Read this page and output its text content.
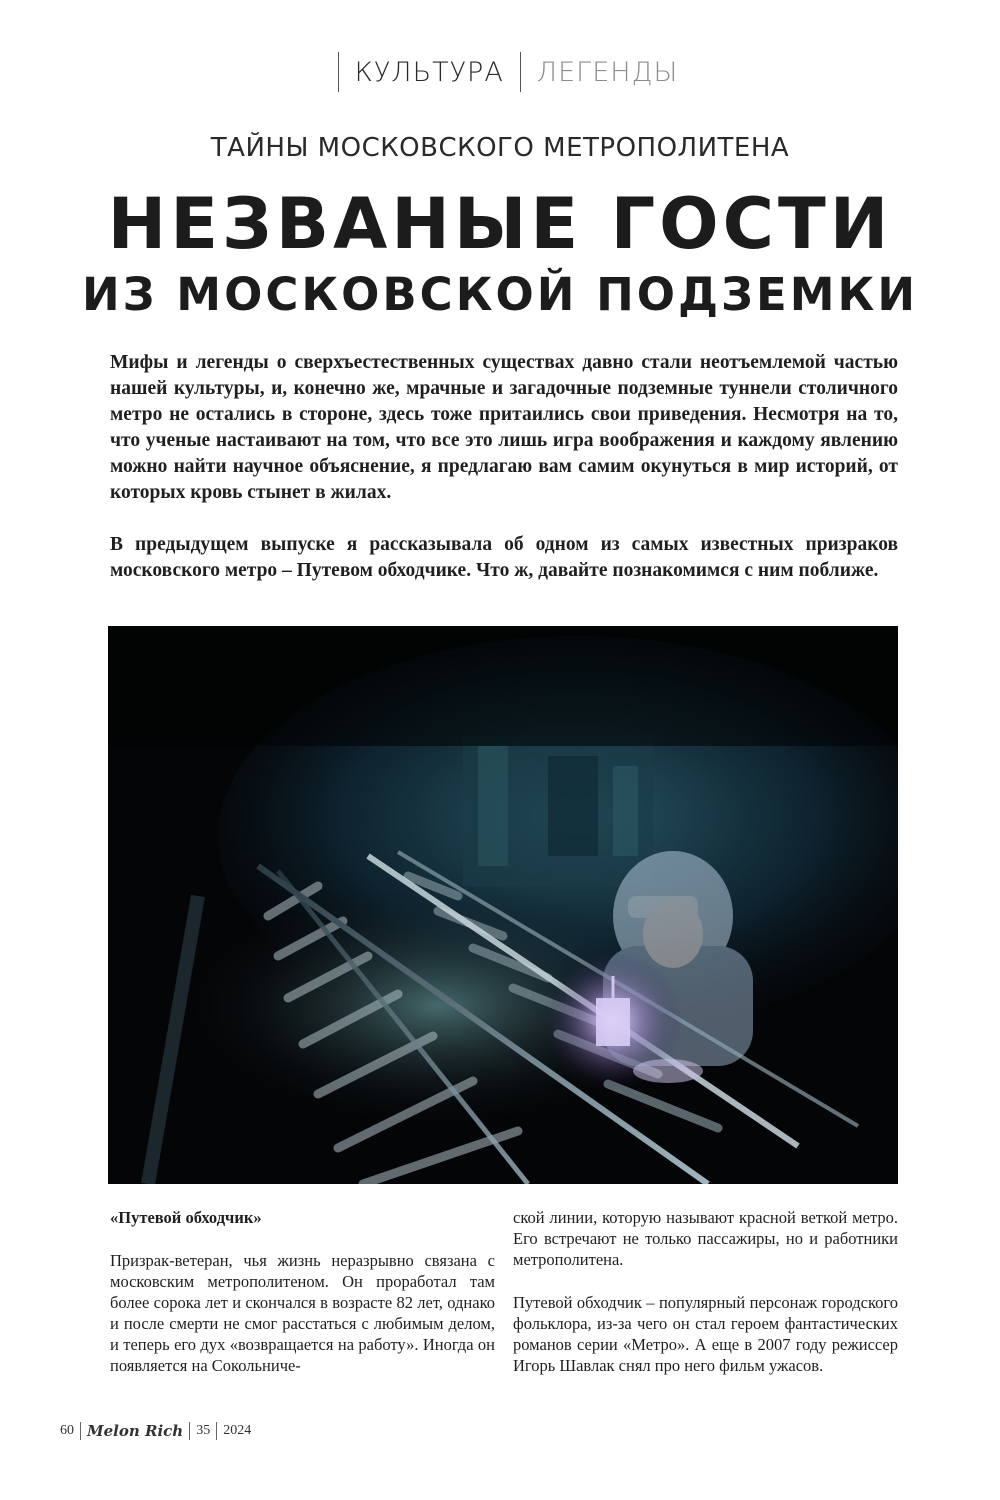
КУЛЬТУРА ЛЕГЕНДЫ
ТАЙНЫ МОСКОВСКОГО МЕТРОПОЛИТЕНА
НЕЗВАНЫЕ ГОСТИ
ИЗ МОСКОВСКОЙ ПОДЗЕМКИ
Мифы и легенды о сверхъестественных существах давно стали неотъемлемой частью нашей культуры, и, конечно же, мрачные и загадочные подземные туннели столичного метро не остались в стороне, здесь тоже притаились свои приведения. Несмотря на то, что ученые настаивают на том, что все это лишь игра воображения и каждому явлению можно найти научное объяснение, я предлагаю вам самим окунуться в мир историй, от которых кровь стынет в жилах.
В предыдущем выпуске я рассказывала об одном из самых известных призраков московского метро – Путевом обходчике. Что ж, давайте познакомимся с ним поближе.

«Путевой обходчик»

Призрак-ветеран, чья жизнь неразрывно связана с московским метрополитеном. Он проработал там более сорока лет и скончался в возрасте 82 лет, однако и после смерти не смог расстаться с любимым делом, и теперь его дух «возвращается на работу». Иногда он появляется на Сокольниче-

ской линии, которую называют красной веткой метро. Его встречают не только пассажиры, но и работники метрополитена.

Путевой обходчик – популярный персонаж городского фольклора, из-за чего он стал героем фантастических романов серии «Метро». А еще в 2007 году режиссер Игорь Шавлак снял про него фильм ужасов.

60 Melon Rich 35 2024
